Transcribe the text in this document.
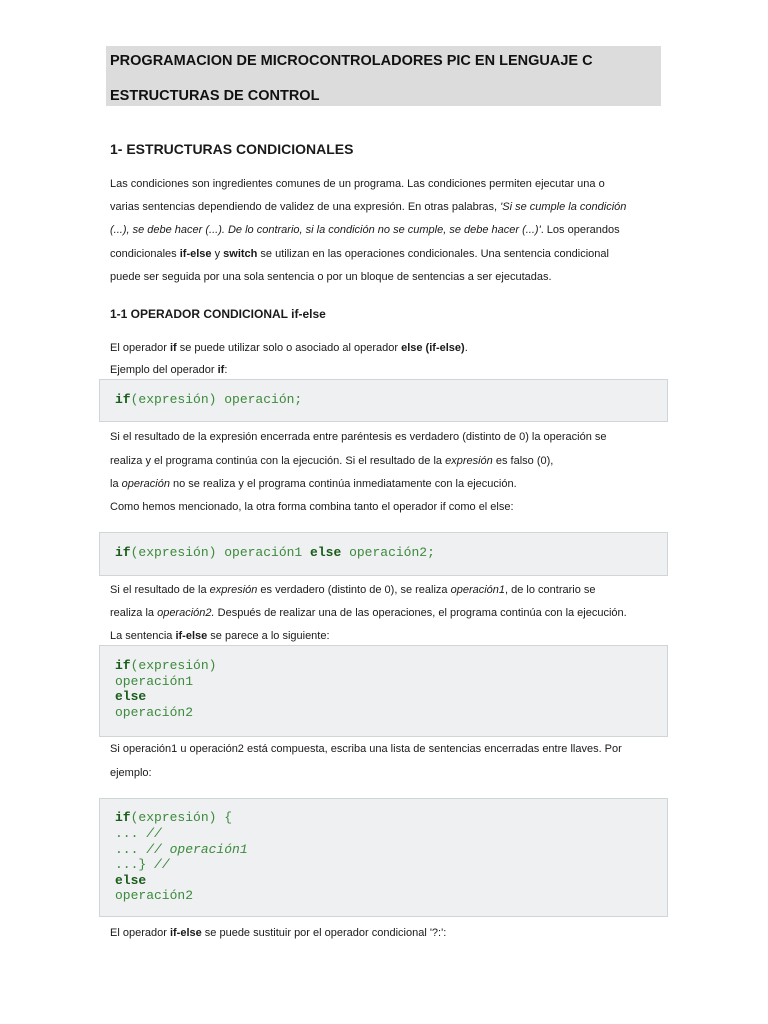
PROGRAMACION DE MICROCONTROLADORES PIC EN LENGUAJE C
ESTRUCTURAS DE CONTROL
1- ESTRUCTURAS CONDICIONALES
Las condiciones son ingredientes comunes de un programa. Las condiciones permiten ejecutar una o
varias sentencias dependiendo de validez de una expresión. En otras palabras, 'Si se cumple la condición
(...), se debe hacer (...). De lo contrario, si la condición no se cumple, se debe hacer (...)'. Los operandos
condicionales if-else y switch se utilizan en las operaciones condicionales. Una sentencia condicional
puede ser seguida por una sola sentencia o por un bloque de sentencias a ser ejecutadas.
1-1 OPERADOR CONDICIONAL if-else
El operador if se puede utilizar solo o asociado al operador else (if-else).
Ejemplo del operador if:
if(expresión) operación;
Si el resultado de la expresión encerrada entre paréntesis es verdadero (distinto de 0) la operación se
realiza y el programa continúa con la ejecución. Si el resultado de la expresión es falso (0),
la operación no se realiza y el programa continúa inmediatamente con la ejecución.
Como hemos mencionado, la otra forma combina tanto el operador if como el else:
if(expresión) operación1 else operación2;
Si el resultado de la expresión es verdadero (distinto de 0), se realiza operación1, de lo contrario se
realiza la operación2. Después de realizar una de las operaciones, el programa continúa con la ejecución.
La sentencia if-else se parece a lo siguiente:
if(expresión)
operación1
else
operación2
Si operación1 u operación2 está compuesta, escriba una lista de sentencias encerradas entre llaves. Por
ejemplo:
if(expresión) {
... //
... // operación1
...} //
else
operación2
El operador if-else se puede sustituir por el operador condicional '?:':
